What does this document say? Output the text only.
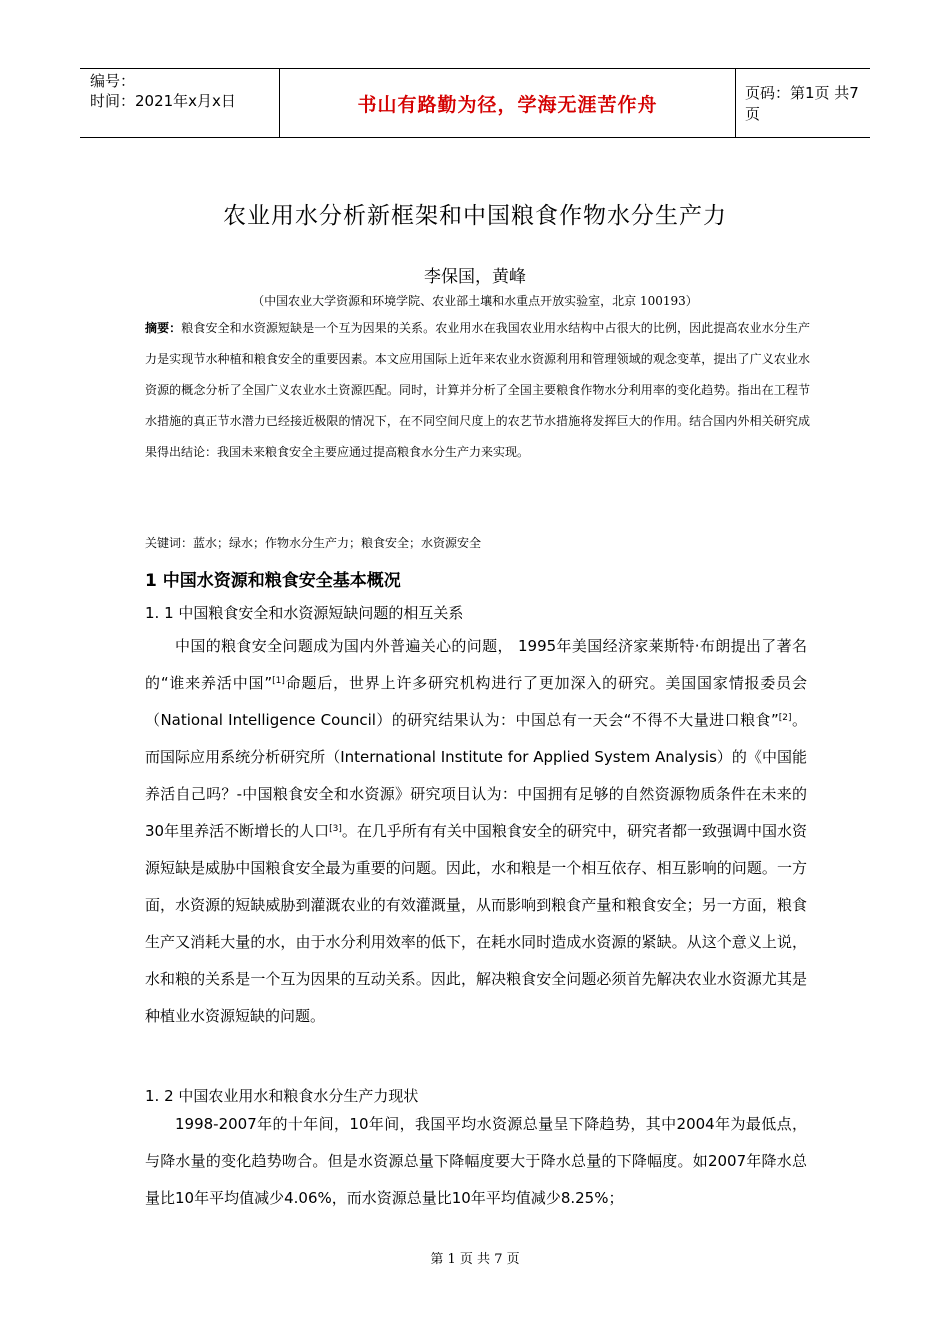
编号：
时间：2021年x月x日	书山有路勤为径，学海无涯苦作舟
页码：第1页 共7页
农业用水分析新框架和中国粮食作物水分生产力
李保国，黄峰
（中国农业大学资源和环境学院、农业部土壤和水重点开放实验室，北京 100193）
摘要：粮食安全和水资源短缺是一个互为因果的关系。农业用水在我国农业用水结构中占很大的比例，因此提高农业水分生产力是实现节水种植和粮食安全的重要因素。本文应用国际上近年来农业水资源利用和管理领域的观念变革，提出了广义农业水资源的概念分析了全国广义农业水土资源匹配。同时，计算并分析了全国主要粮食作物水分利用率的变化趋势。指出在工程节水措施的真正节水潜力已经接近极限的情况下，在不同空间尺度上的农艺节水措施将发挥巨大的作用。结合国内外相关研究成果得出结论：我国未来粮食安全主要应通过提高粮食水分生产力来实现。
关键词：蓝水；绿水；作物水分生产力；粮食安全；水资源安全
1 中国水资源和粮食安全基本概况
1. 1 中国粮食安全和水资源短缺问题的相互关系

中国的粮食安全问题成为国内外普遍关心的问题， 1995年美国经济家莱斯特·布朗提出了著名的“谁来养活中国”[1]命题后，世界上许多研究机构进行了更加深入的研究。美国国家情报委员会（National Intelligence Council）的研究结果认为：中国总有一天会“不得不大量进口粮食”[2]。而国际应用系统分析研究所（International Institute for Applied System Analysis）的《中国能养活自己吗？-中国粮食安全和水资源》研究项目认为：中国拥有足够的自然资源物质条件在未来的30年里养活不断增长的人口[3]。在几乎所有有关中国粮食安全的研究中，研究者都一致强调中国水资源短缺是威胁中国粮食安全最为重要的问题。因此，水和粮是一个相互依存、相互影响的问题。一方面，水资源的短缺威胁到灌溉农业的有效灌溉量，从而影响到粮食产量和粮食安全；另一方面，粮食生产又消耗大量的水，由于水分利用效率的低下，在耗水同时造成水资源的紧缺。从这个意义上说，水和粮的关系是一个互为因果的互动关系。因此，解决粮食安全问题必须首先解决农业水资源尤其是种植业水资源短缺的问题。

1. 2 中国农业用水和粮食水分生产力现状

1998-2007年的十年间，10年间，我国平均水资源总量呈下降趋势，其中2004年为最低点，与降水量的变化趋势吻合。但是水资源总量下降幅度要大于降水总量的下降幅度。如2007年降水总量比10年平均值减少4.06%，而水资源总量比10年平均值减少8.25%；

第 1 页 共 7 页
